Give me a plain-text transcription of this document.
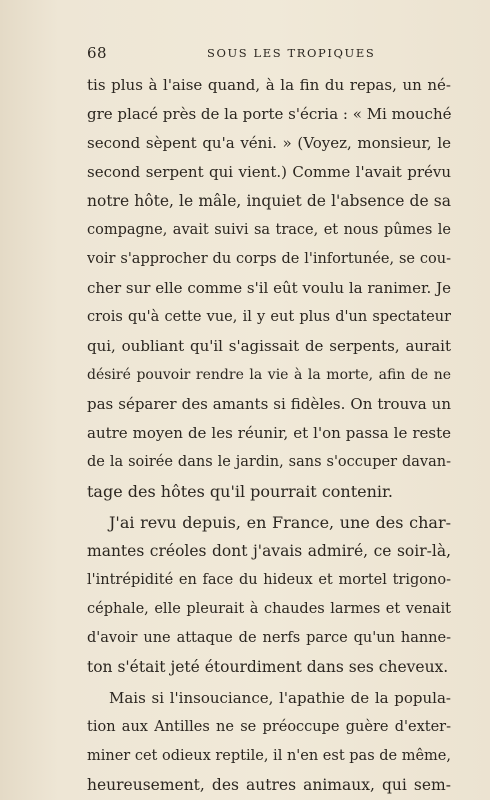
68	SOUS LES TROPIQUES
tis plus à l'aise quand, à la fin du repas, un né-
gre placé près de la porte s'écria : « Mi mouché
second sèpent qu'a véni. » (Voyez, monsieur, le
second serpent qui vient.) Comme l'avait prévu
notre hôte, le mâle, inquiet de l'absence de sa
compagne, avait suivi sa trace, et nous pûmes le
voir s'approcher du corps de l'infortunée, se cou-
cher sur elle comme s'il eût voulu la ranimer. Je
crois qu'à cette vue, il y eut plus d'un spectateur
qui, oubliant qu'il s'agissait de serpents, aurait
désiré pouvoir rendre la vie à la morte, afin de ne
pas séparer des amants si fidèles. On trouva un
autre moyen de les réunir, et l'on passa le reste
de la soirée dans le jardin, sans s'occuper davan-
tage des hôtes qu'il pourrait contenir.
J'ai revu depuis, en France, une des char-
mantes créoles dont j'avais admiré, ce soir-là,
l'intrépidité en face du hideux et mortel trigono-
céphale, elle pleurait à chaudes larmes et venait
d'avoir une attaque de nerfs parce qu'un hanne-
ton s'était jeté étourdiment dans ses cheveux.
Mais si l'insouciance, l'apathie de la popula-
tion aux Antilles ne se préoccupe guère d'exter-
miner cet odieux reptile, il n'en est pas de même,
heureusement, des autres animaux, qui sem-
